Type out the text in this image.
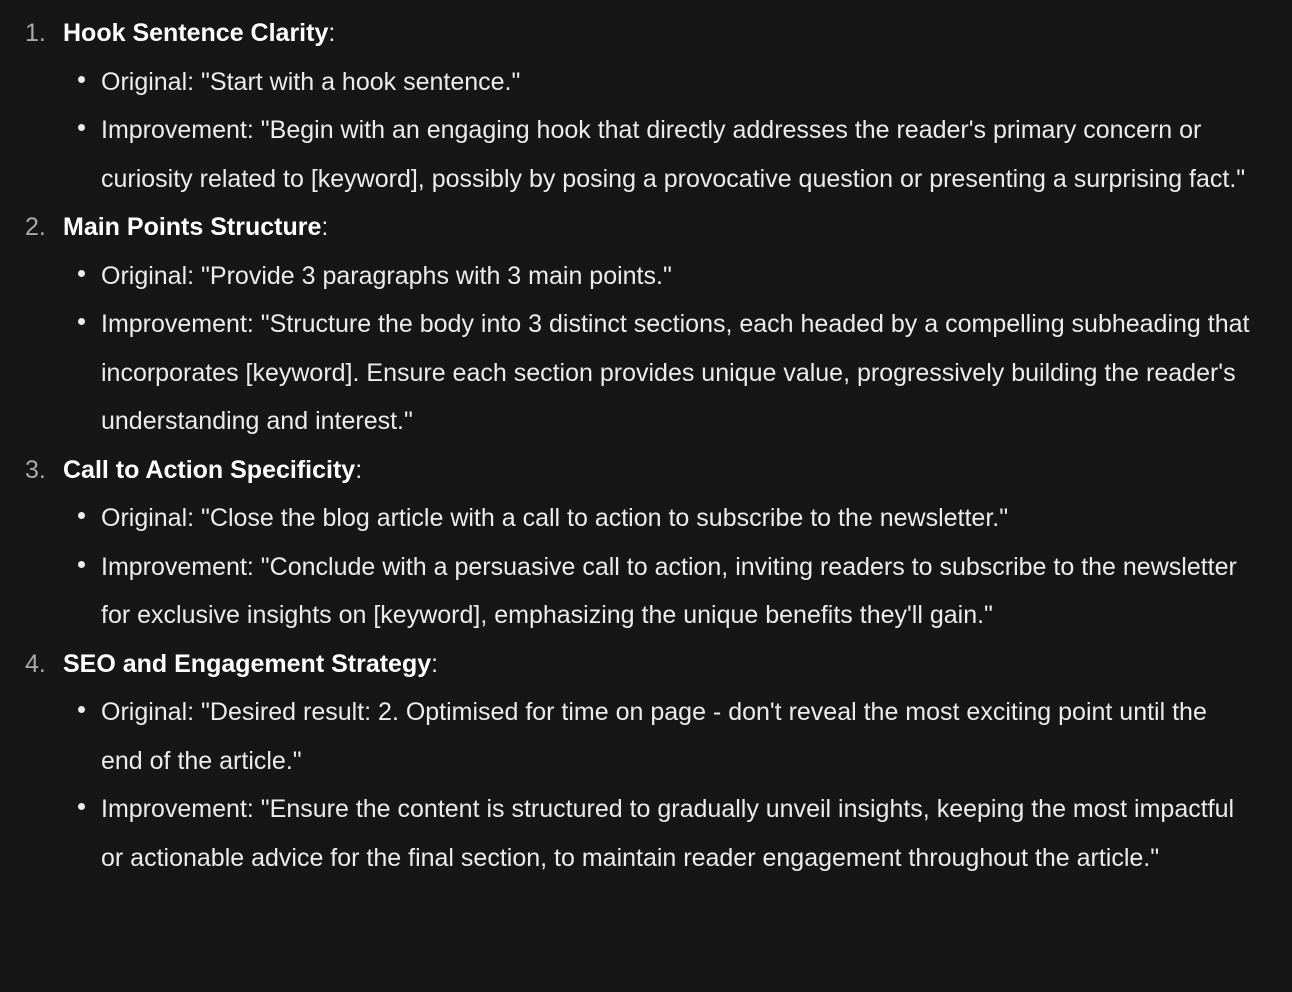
1. Hook Sentence Clarity:
Original: "Start with a hook sentence."
Improvement: "Begin with an engaging hook that directly addresses the reader's primary concern or curiosity related to [keyword], possibly by posing a provocative question or presenting a surprising fact."
2. Main Points Structure:
Original: "Provide 3 paragraphs with 3 main points."
Improvement: "Structure the body into 3 distinct sections, each headed by a compelling subheading that incorporates [keyword]. Ensure each section provides unique value, progressively building the reader's understanding and interest."
3. Call to Action Specificity:
Original: "Close the blog article with a call to action to subscribe to the newsletter."
Improvement: "Conclude with a persuasive call to action, inviting readers to subscribe to the newsletter for exclusive insights on [keyword], emphasizing the unique benefits they'll gain."
4. SEO and Engagement Strategy:
Original: "Desired result: 2. Optimised for time on page - don't reveal the most exciting point until the end of the article."
Improvement: "Ensure the content is structured to gradually unveil insights, keeping the most impactful or actionable advice for the final section, to maintain reader engagement throughout the article."
